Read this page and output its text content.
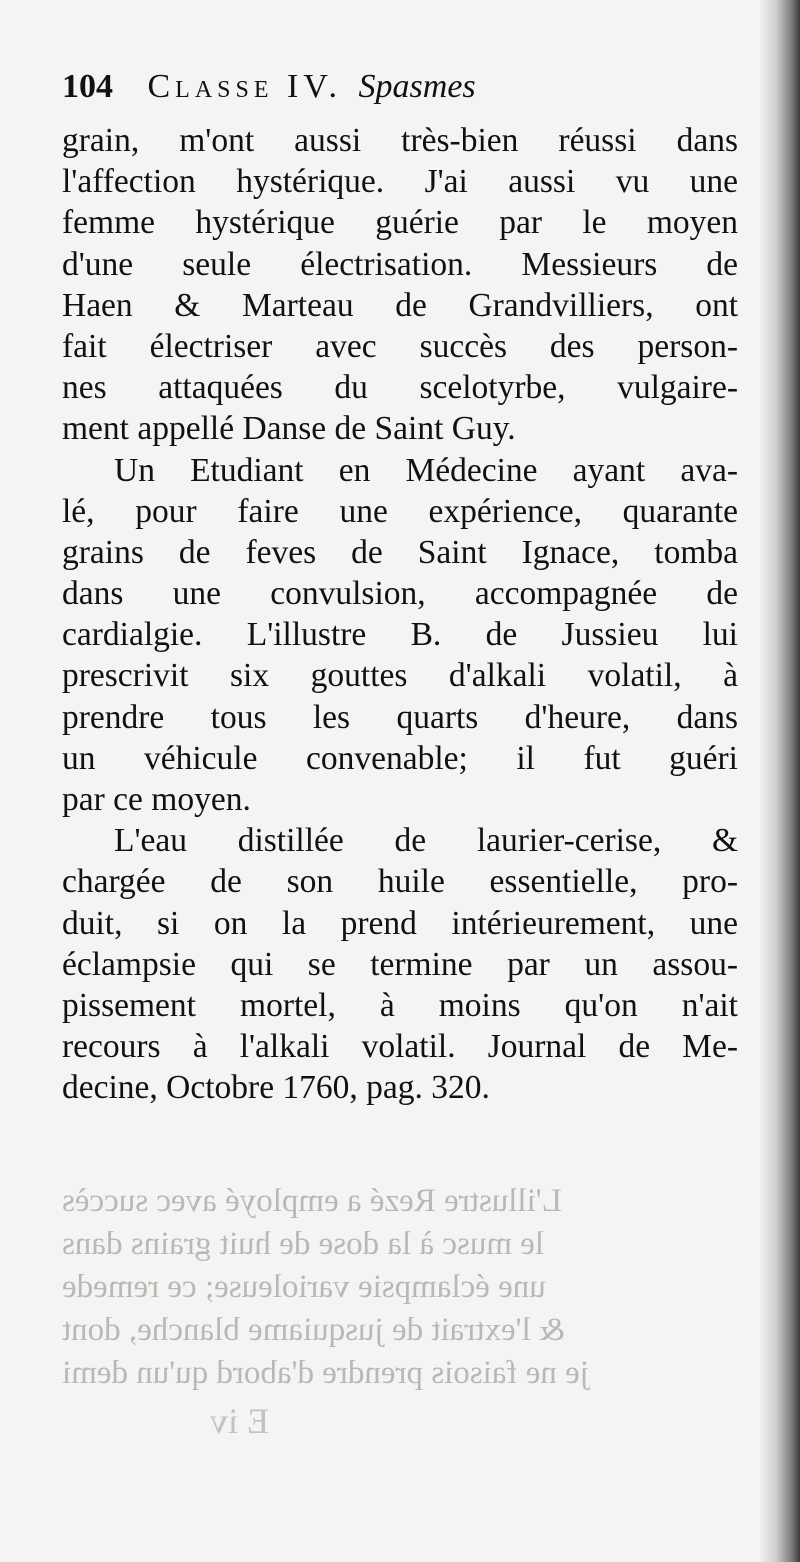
104 Classe IV. Spasmes
grain, m'ont aussi très-bien réussi dans
l'affection hystérique. J'ai aussi vu une
femme hystérique guérie par le moyen
d'une seule électrisation. Messieurs de
Haen & Marteau de Grandvilliers, ont
fait électriser avec succès des person-
nes attaquées du scelotyrbe, vulgaire-
ment appellé Danse de Saint Guy.
Un Etudiant en Médecine ayant ava-
lé, pour faire une expérience, quarante
grains de feves de Saint Ignace, tomba
dans une convulsion, accompagnée de
cardialgie. L'illustre B. de Jussieu lui
prescrivit six gouttes d'alkali volatil, à
prendre tous les quarts d'heure, dans
un véhicule convenable; il fut guéri
par ce moyen.
L'eau distillée de laurier-cerise, &
chargée de son huile essentielle, pro-
duit, si on la prend intérieurement, une
éclampsie qui se termine par un assou-
pissement mortel, à moins qu'on n'ait
recours à l'alkali volatil. Journal de Me-
decine, Octobre 1760, pag. 320.
L'illustre Rezé a employé avec succès
le musc à la dose de huit grains dans
une éclampsie varioleuse; ce remede
& l'extrait de jusquiame blanche, dont
je ne faisois prendre d'abord qu'un demi
E iv
